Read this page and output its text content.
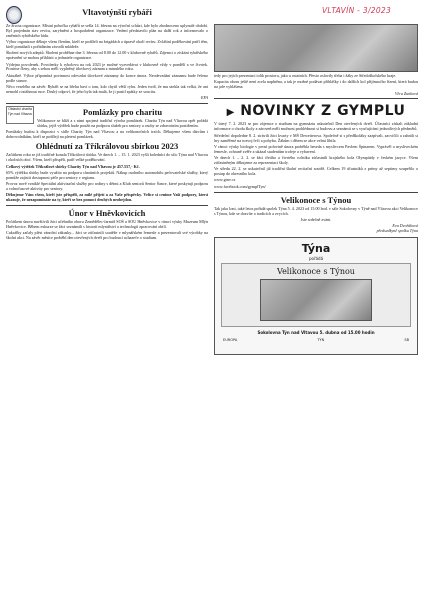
VLTAVÍN - 3/2023
Vltavotýnští rybáři

Ze života organizace. Místní pobočka rybářů se sešla 14. března na výroční schůzi, kde bylo zhodnoceno uplynulé období. Byl projednán stav revíru, zarybnění a hospodaření organizace. Vedení představilo plán na další rok a informovalo o změnách rybářského řádu.

Výbor organizace děkuje všem členům, kteří se podíleli na brigádách a úpravě okolí revíru. Zvláštní poděkování patří těm, kteří pomáhali s pořádáním závodů mládeže.

Školení nových adeptů. Školení proběhne dne 3. března od 8.00 do 12.00 v klubovně rybářů. Zájemci o získání rybářského oprávnění se mohou přihlásit u jednatele organizace.

Výdejna povolenek. Povolenky k rybolovu na rok 2023 je možné vyzvedávat v klubovně vždy v pondělí a ve čtvrtek. Prosíme členy, aby s sebou měli vyplněný úlovkový záznam z minulého roku.

Aktuálně. Výbor připomíná povinnost odevzdat úlovkové záznamy do konce února. Neodevzdání záznamu bude řešeno podle stanov.

Něco veselého na závěr. Rybáři se na břehu baví o tom, kdo chytil větší rybu. Jeden tvrdí, že mu utekla tak velká, že ani nemohl roztáhnout ruce. Druhý odpoví, že jeho byla tak malá, že ji pustil zpátky ze soucitu.

EFA

Oblastní charita Týn nad Vltavou	Pomlázky pro charitu

Velikonoce se blíží a s nimi spojená tradiční výroba pomlázek. Charita Týn nad Vltavou opět pořádá sbírku, jejíž výtěžek bude použit na podporu služeb pro seniory a osoby se zdravotním postižením.

Pomlázky budou k dispozici v sídle Charity Týn nad Vltavou a na velikonočních trzích. Děkujeme všem dárcům i dobrovolníkům, kteří se podílejí na pletení pomlázek.

Ohlédnutí za Tříkrálovou sbírkou 2023

Začátkem roku se již tradičně konala Tříkrálová sbírka. Ve dnech 1. – 15. 1. 2023 vyšli koledníci do ulic Týna nad Vltavou i okolních obcí. Všem, kteří přispěli, patří velké poděkování.

Celkový výtěžek Tříkrálové sbírky Charity Týn nad Vltavou je 457.557,- Kč.

65% výtěžku sbírky bude využito na podporu charitních projektů. Nákup osobního automobilu pečovatelské služby, který pomůže zajistit dostupnost péče pro seniory v regionu.

Provoz nově vzniklé Speciální aktivizační služby pro rodiny s dětmi a Klub seniorů Senior Šance, které poskytují podporu a volnočasové aktivity pro seniory.

Děkujeme Vám všem, kteří jste přispěli, za milé přijetí a za Vaše příspěvky. Velice si ceníme Vaší podpory, která ukazuje, že nezapomínáte na ty, kteří se bez pomoci druhých neobejdou.

Únor v Hněvkovicích

Počátkem února navštívili žáci učebního oboru Zemědělec-farmář SOŠ a SOU Hněvkovice v rámci výuky Muzeum Mlýn Hněvkovice. Během exkurze se žáci seznámili s historií mlynářství a technologií zpracování obilí.

Cukrářky začaly plést vánoční zákusky... žáci se zúčastnili soutěže v mlynářském řemesle a prezentovali své výrobky na školní akci. Na závěr měsíce proběhl den otevřených dveří pro budoucí uchazeče o studium.

tedy pro jejich prezentaci tolik prostoru, jako u ostatních. Přesto oslovily třeba i žáky ze Středoškolského kraje.

Kapacita oboru ještě není zcela naplněna, a tak je možné podávat přihlášky i do dalších kol přijímacího řízení, která budou na jaře vyhlášena.

Věra Zunková

▶ NOVINKY Z GYMPLU

V úterý 7. 2. 2023 se pro zájemce o studium na gymnáziu uskutečnil Den otevřených dveří. Účastníci získali základní informace o chodu školy a zároveň měli možnost prohlédnout si budovu a seznámit se s vyučujícími jednotlivých předmětů.

Středeční dopoledne 8. 2. strávili žáci kvarty v MŠ Dewetterova. Společně si s předškoláky zazpívali, zacvičili a zahráli si hry zaměřené na rozvoj řeči a pohybu. Žákům i dětem se akce velmi líbila.

V rámci výuky biologie v první polovině února proběhla beseda s myslivcem Pavlem Špinarem. Vyprávěl o mysliveckém řemesle, ochraně zvěře a ukázal studentům trofeje a vybavení.

Ve dnech 1. – 2. 2. se žáci třetího a čtvrtého ročníku zúčastnili krajského kola Olympiády v českém jazyce. Všem zúčastněným děkujeme za reprezentaci školy.

Ve středu 22. 2. se uskutečnil již tradiční školní recitační soutěž. Celkem 19 účastníků z prímy až septimy soupeřilo o postup do okresního kola.

www.gtnv.cz

www.facebook.com/gymplTyn/

Velikonoce s Týnou

Tak jako loni, také letos pořádá spolek Týna 5. 4. 2023 od 15.00 hod. v sále Sokolovny v Týně nad Vltavou akci Velikonoce s Týnou, kde se dozvíte o tradicích a zvycích.

Jste srdečně zváni.

Eva Dvořáková

předsedkyně spolku Týna

Týna
pořádá
Velikonoce s Týnou
Sokolovna Týn nad Vltavou 5. dubna od 15.00 hodin
EUROPA	TÝN	SB
